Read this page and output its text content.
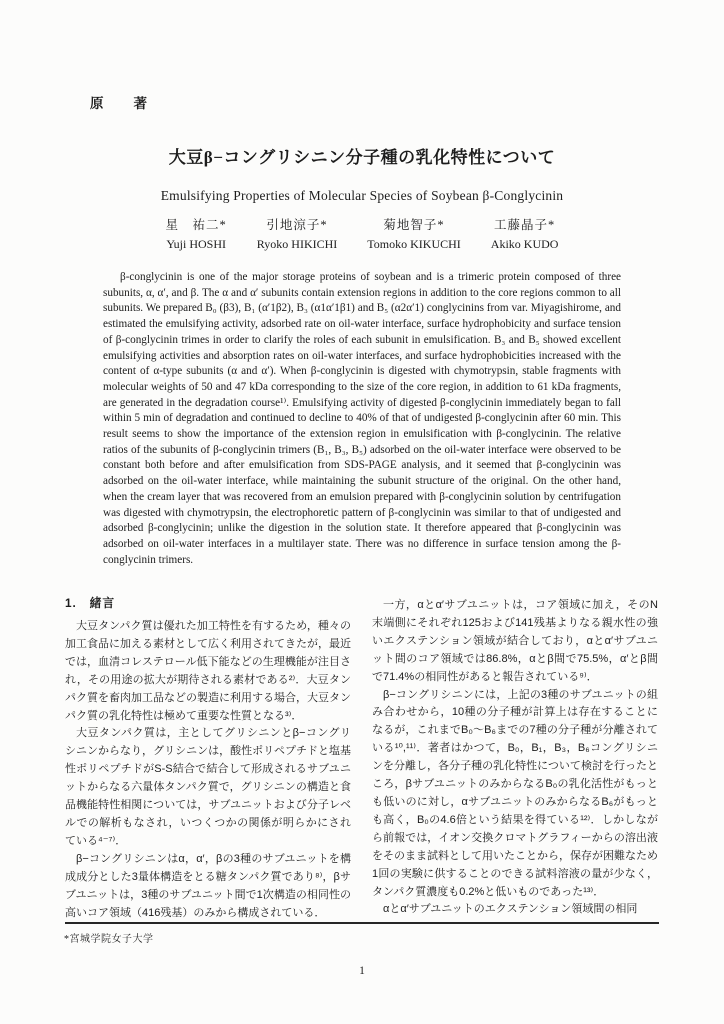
原　　著
大豆β−コングリシニン分子種の乳化特性について
Emulsifying Properties of Molecular Species of Soybean β-Conglycinin
星　祐二*
Yuji HOSHI
引地涼子*
Ryoko HIKICHI
菊地智子*
Tomoko KIKUCHI
工藤晶子*
Akiko KUDO
β-conglycinin is one of the major storage proteins of soybean and is a trimeric protein composed of three subunits, α, α′, and β. The α and α′ subunits contain extension regions in addition to the core regions common to all subunits. We prepared B₀ (β3), B₁ (α′1β2), B₃ (α1α′1β1) and B₅ (α2α′1) conglycinins from var. Miyagishirome, and estimated the emulsifying activity, adsorbed rate on oil-water interface, surface hydrophobicity and surface tension of β-conglycinin trimes in order to clarify the roles of each subunit in emulsification. B₃ and B₅ showed excellent emulsifying activities and absorption rates on oil-water interfaces, and surface hydrophobicities increased with the content of α-type subunits (α and α′). When β-conglycinin is digested with chymotrypsin, stable fragments with molecular weights of 50 and 47 kDa corresponding to the size of the core region, in addition to 61 kDa fragments, are generated in the degradation course¹⁾. Emulsifying activity of digested β-conglycinin immediately began to fall within 5 min of degradation and continued to decline to 40% of that of undigested β-conglycinin after 60 min. This result seems to show the importance of the extension region in emulsification with β-conglycinin. The relative ratios of the subunits of β-conglycinin trimers (B₁, B₃, B₅) adsorbed on the oil-water interface were observed to be constant both before and after emulsification from SDS-PAGE analysis, and it seemed that β-conglycinin was adsorbed on the oil-water interface, while maintaining the subunit structure of the original. On the other hand, when the cream layer that was recovered from an emulsion prepared with β-conglycinin solution by centrifugation was digested with chymotrypsin, the electrophoretic pattern of β-conglycinin was similar to that of undigested and adsorbed β-conglycinin; unlike the digestion in the solution state. It therefore appeared that β-conglycinin was adsorbed on oil-water interfaces in a multilayer state. There was no difference in surface tension among the β-conglycinin trimers.

1.　緒言

大豆タンパク質は優れた加工特性を有するため，種々の加工食品に加える素材として広く利用されてきたが，最近では，血清コレステロール低下能などの生理機能が注目され，その用途の拡大が期待される素材である²⁾．大豆タンパク質を畜肉加工品などの製造に利用する場合，大豆タンパク質の乳化特性は極めて重要な性質となる³⁾．

大豆タンパク質は，主としてグリシニンとβ−コングリシニンからなり，グリシニンは，酸性ポリペプチドと塩基性ポリペプチドがS-S結合で結合して形成されるサブユニットからなる六量体タンパク質で，グリシニンの構造と食品機能特性相関については，サブユニットおよび分子レベルでの解析もなされ，いつくつかの関係が明らかにされている⁴⁻⁷⁾．

β−コングリシニンはα，α′，βの3種のサブユニットを構成成分とした3量体構造をとる糖タンパク質であり⁸⁾，βサブユニットは，3種のサブユニット間で1次構造の相同性の高いコア領域（416残基）のみから構成されている．

一方，αとα′サブユニットは，コア領域に加え，そのN末端側にそれぞれ125および141残基よりなる親水性の強いエクステンション領域が結合しており，αとα′サブユニット間のコア領域では86.8%，αとβ間で75.5%，α′とβ間で71.4%の相同性があると報告されている⁹⁾．

β−コングリシニンには，上記の3種のサブユニットの組み合わせから，10種の分子種が計算上は存在することになるが，これまでB₀～B₆までの7種の分子種が分離されている¹⁰,¹¹⁾．著者はかつて，B₀，B₁，B₃，B₆コングリシニンを分離し，各分子種の乳化特性について検討を行ったところ，βサブユニットのみからなるB₀の乳化活性がもっとも低いのに対し，αサブユニットのみからなるB₆がもっとも高く，B₀の4.6倍という結果を得ている¹²⁾．しかしながら前報では，イオン交換クロマトグラフィーからの溶出液をそのまま試料として用いたことから，保存が困難なため1回の実験に供することのできる試料溶液の量が少なく，タンパク質濃度も0.2%と低いものであった¹³⁾．

αとα′サブユニットのエクステンション領域間の相同

*宮城学院女子大学
1
